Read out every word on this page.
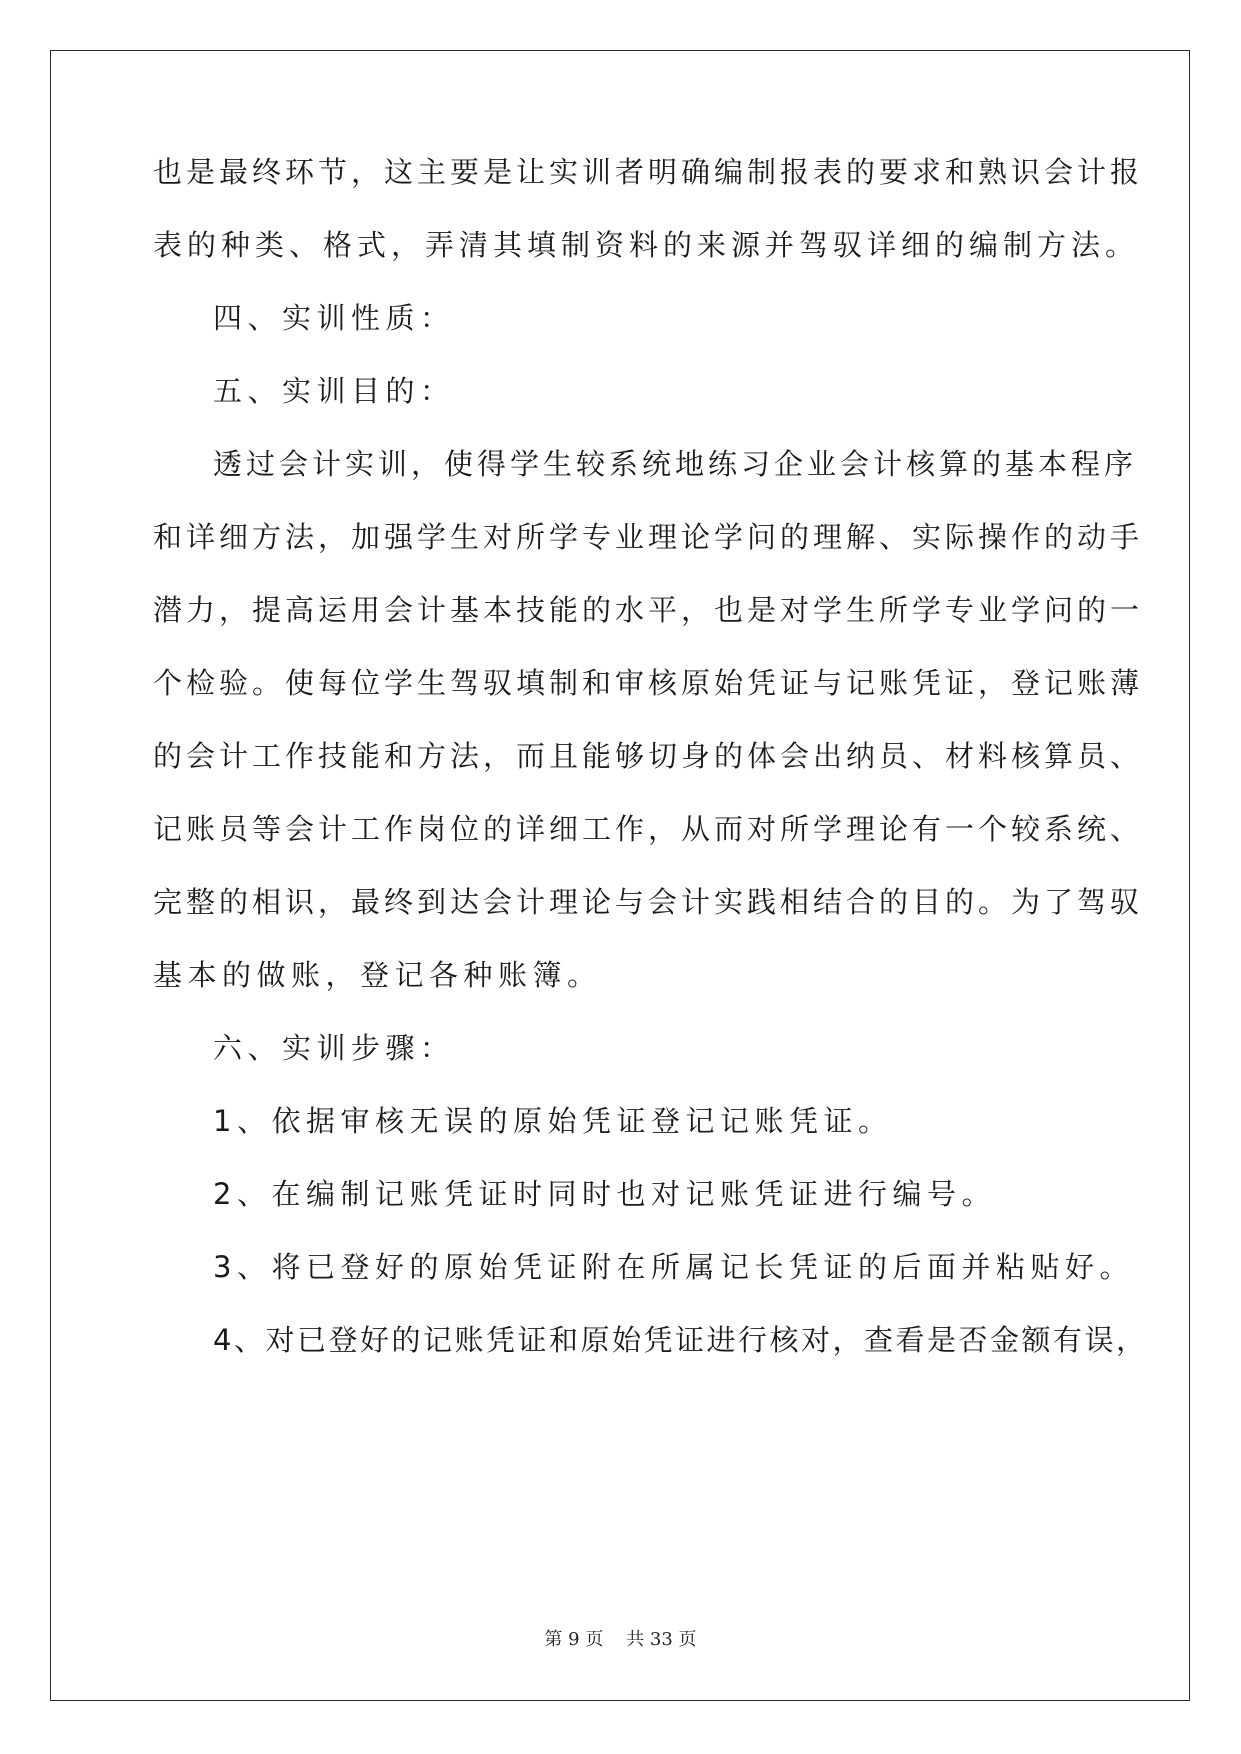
也是最终环节，这主要是让实训者明确编制报表的要求和熟识会计报
表的种类、格式，弄清其填制资料的来源并驾驭详细的编制方法。
四、实训性质：
五、实训目的：
透过会计实训，使得学生较系统地练习企业会计核算的基本程序
和详细方法，加强学生对所学专业理论学问的理解、实际操作的动手
潜力，提高运用会计基本技能的水平，也是对学生所学专业学问的一
个检验。使每位学生驾驭填制和审核原始凭证与记账凭证，登记账薄
的会计工作技能和方法，而且能够切身的体会出纳员、材料核算员、
记账员等会计工作岗位的详细工作，从而对所学理论有一个较系统、
完整的相识，最终到达会计理论与会计实践相结合的目的。为了驾驭
基本的做账，登记各种账簿。
六、实训步骤：
1、依据审核无误的原始凭证登记记账凭证。
2、在编制记账凭证时同时也对记账凭证进行编号。
3、将已登好的原始凭证附在所属记长凭证的后面并粘贴好。
4、对已登好的记账凭证和原始凭证进行核对，查看是否金额有误，
第 9 页    共 33 页
